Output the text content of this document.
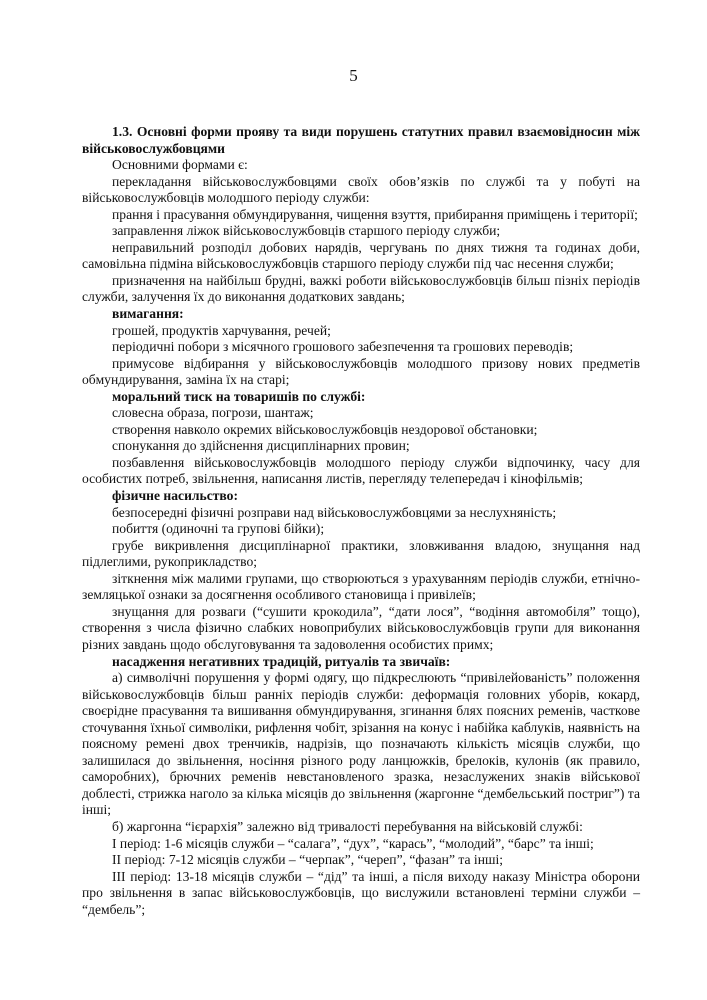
5

1.3. Основні форми прояву та види порушень статутних правил взаємовідносин між військовослужбовцями

Основними формами є:

перекладання військовослужбовцями своїх обов’язків по службі та у побуті на військовослужбовців молодшого періоду служби:

прання і прасування обмундирування, чищення взуття, прибирання приміщень і території;

заправлення ліжок військовослужбовців старшого періоду служби;

неправильний розподіл добових нарядів, чергувань по днях тижня та годинах доби, самовільна підміна військовослужбовців старшого періоду служби під час несення служби;

призначення на найбільш брудні, важкі роботи військовослужбовців більш пізніх періодів служби, залучення їх до виконання додаткових завдань;

вимагання:

грошей, продуктів харчування, речей;

періодичні побори з місячного грошового забезпечення та грошових переводів;

примусове відбирання у військовослужбовців молодшого призову нових предметів обмундирування, заміна їх на старі;

моральний тиск на товаришів по службі:

словесна образа, погрози, шантаж;

створення навколо окремих військовослужбовців нездорової обстановки;

спонукання до здійснення дисциплінарних провин;

позбавлення військовослужбовців молодшого періоду служби відпочинку, часу для особистих потреб, звільнення, написання листів, перегляду телепередач і кінофільмів;

фізичне насильство:

безпосередні фізичні розправи над військовослужбовцями за неслухняність;

побиття (одиночні та групові бійки);

грубе викривлення дисциплінарної практики, зловживання владою, знущання над підлеглими, рукоприкладство;

зіткнення між малими групами, що створюються з урахуванням періодів служби, етнічно-земляцької ознаки за досягнення особливого становища і привілеїв;

знущання для розваги (“сушити крокодила”, “дати лося”, “водіння автомобіля” тощо), створення з числа фізично слабких новоприбулих військовослужбовців групи для виконання різних завдань щодо обслуговування та задоволення особистих примх;

насадження негативних традицій, ритуалів та звичаїв:

а) символічні порушення у формі одягу, що підкреслюють “привілейованість” положення військовослужбовців більш ранніх періодів служби: деформація головних уборів, кокард, своєрідне прасування та вишивання обмундирування, згинання блях поясних ременів, часткове сточування їхньої символіки, рифлення чобіт, зрізання на конус і набійка каблуків, наявність на поясному ремені двох тренчиків, надрізів, що позначають кількість місяців служби, що залишилася до звільнення, носіння різного роду ланцюжків, брелоків, кулонів (як правило, саморобних), брючних ременів невстановленого зразка, незаслужених знаків військової доблесті, стрижка наголо за кілька місяців до звільнення (жаргонне “дембельський постриг”) та інші;

б) жаргонна “ієрархія” залежно від тривалості перебування на військовій службі:

I період: 1-6 місяців служби – “салага”, “дух”, “карась”, “молодий”, “барс” та інші;

II період: 7-12 місяців служби – “черпак”, “череп”, “фазан” та інші;

III період: 13-18 місяців служби – “дід” та інші, а після виходу наказу Міністра оборони про звільнення в запас військовослужбовців, що вислужили встановлені терміни служби – “дембель”;
